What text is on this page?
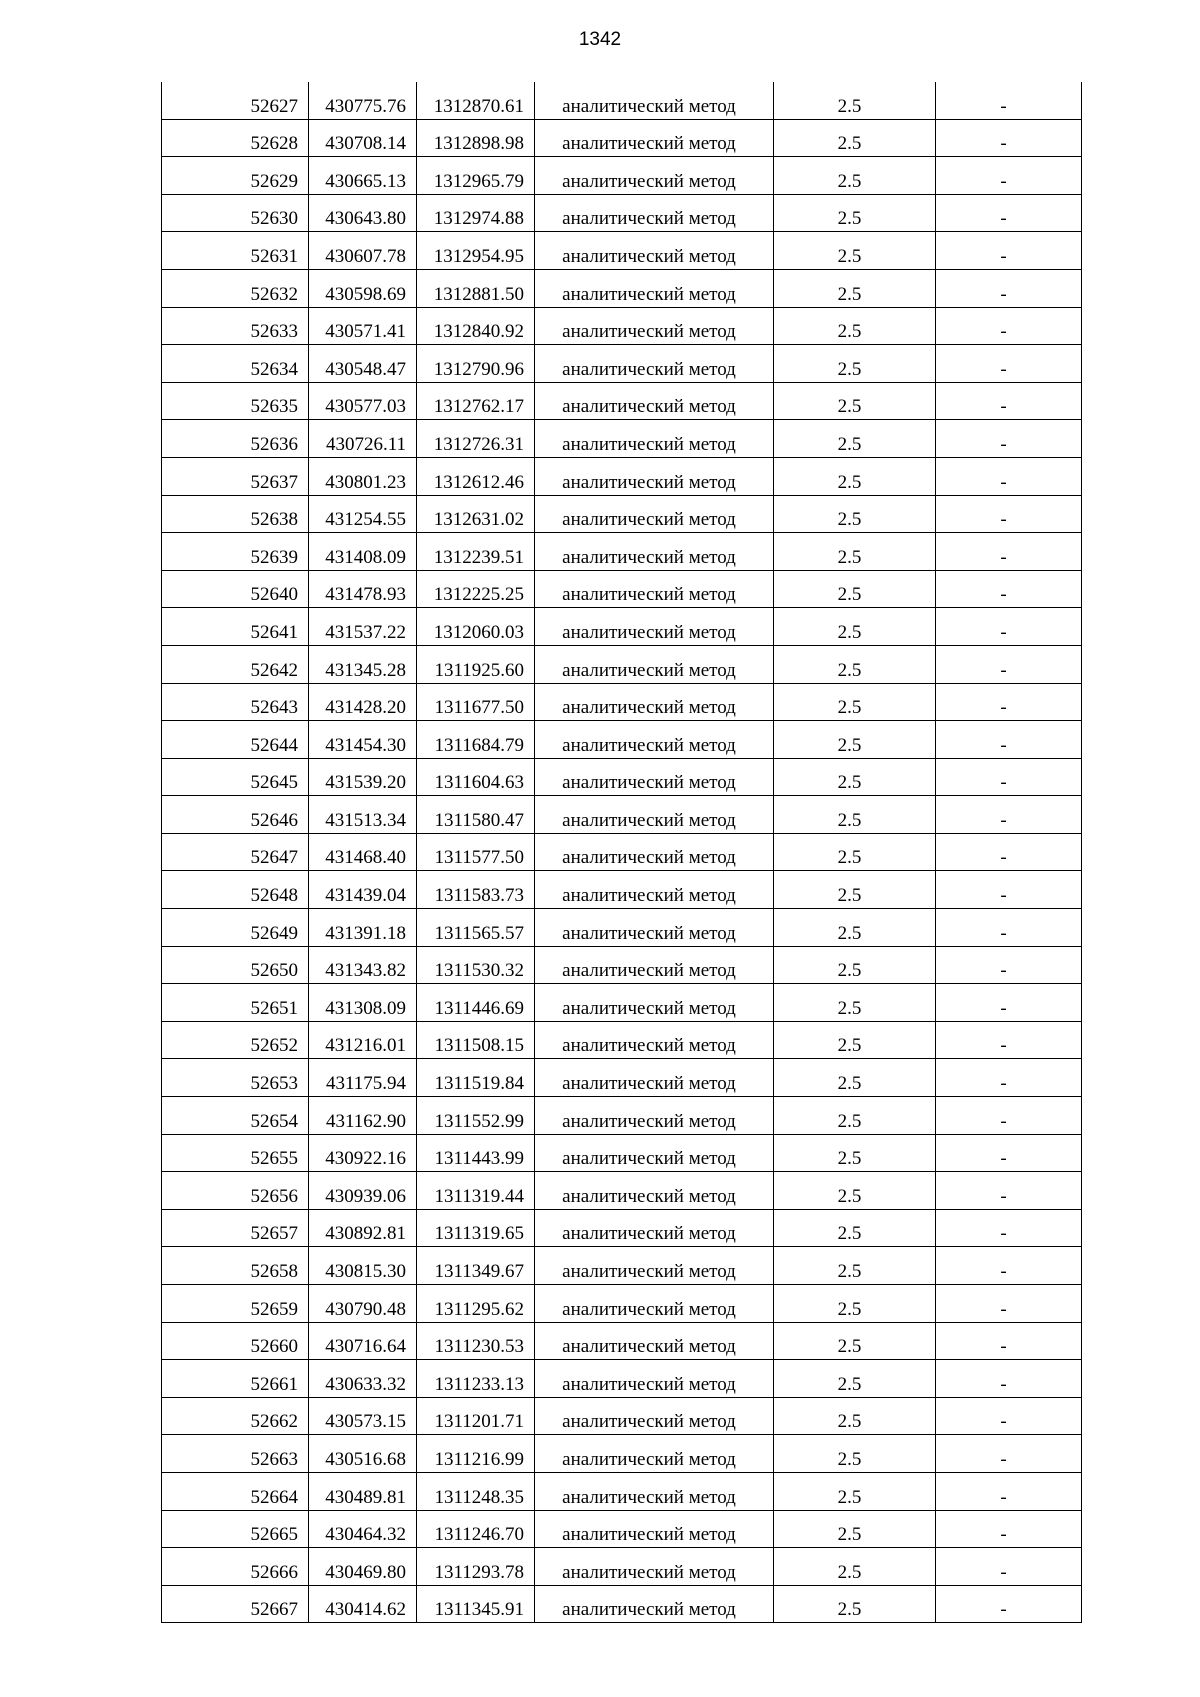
1342
52627	430775.76	1312870.61	аналитический метод	2.5	-
52628	430708.14	1312898.98	аналитический метод	2.5	-
52629	430665.13	1312965.79	аналитический метод	2.5	-
52630	430643.80	1312974.88	аналитический метод	2.5	-
52631	430607.78	1312954.95	аналитический метод	2.5	-
52632	430598.69	1312881.50	аналитический метод	2.5	-
52633	430571.41	1312840.92	аналитический метод	2.5	-
52634	430548.47	1312790.96	аналитический метод	2.5	-
52635	430577.03	1312762.17	аналитический метод	2.5	-
52636	430726.11	1312726.31	аналитический метод	2.5	-
52637	430801.23	1312612.46	аналитический метод	2.5	-
52638	431254.55	1312631.02	аналитический метод	2.5	-
52639	431408.09	1312239.51	аналитический метод	2.5	-
52640	431478.93	1312225.25	аналитический метод	2.5	-
52641	431537.22	1312060.03	аналитический метод	2.5	-
52642	431345.28	1311925.60	аналитический метод	2.5	-
52643	431428.20	1311677.50	аналитический метод	2.5	-
52644	431454.30	1311684.79	аналитический метод	2.5	-
52645	431539.20	1311604.63	аналитический метод	2.5	-
52646	431513.34	1311580.47	аналитический метод	2.5	-
52647	431468.40	1311577.50	аналитический метод	2.5	-
52648	431439.04	1311583.73	аналитический метод	2.5	-
52649	431391.18	1311565.57	аналитический метод	2.5	-
52650	431343.82	1311530.32	аналитический метод	2.5	-
52651	431308.09	1311446.69	аналитический метод	2.5	-
52652	431216.01	1311508.15	аналитический метод	2.5	-
52653	431175.94	1311519.84	аналитический метод	2.5	-
52654	431162.90	1311552.99	аналитический метод	2.5	-
52655	430922.16	1311443.99	аналитический метод	2.5	-
52656	430939.06	1311319.44	аналитический метод	2.5	-
52657	430892.81	1311319.65	аналитический метод	2.5	-
52658	430815.30	1311349.67	аналитический метод	2.5	-
52659	430790.48	1311295.62	аналитический метод	2.5	-
52660	430716.64	1311230.53	аналитический метод	2.5	-
52661	430633.32	1311233.13	аналитический метод	2.5	-
52662	430573.15	1311201.71	аналитический метод	2.5	-
52663	430516.68	1311216.99	аналитический метод	2.5	-
52664	430489.81	1311248.35	аналитический метод	2.5	-
52665	430464.32	1311246.70	аналитический метод	2.5	-
52666	430469.80	1311293.78	аналитический метод	2.5	-
52667	430414.62	1311345.91	аналитический метод	2.5	-
